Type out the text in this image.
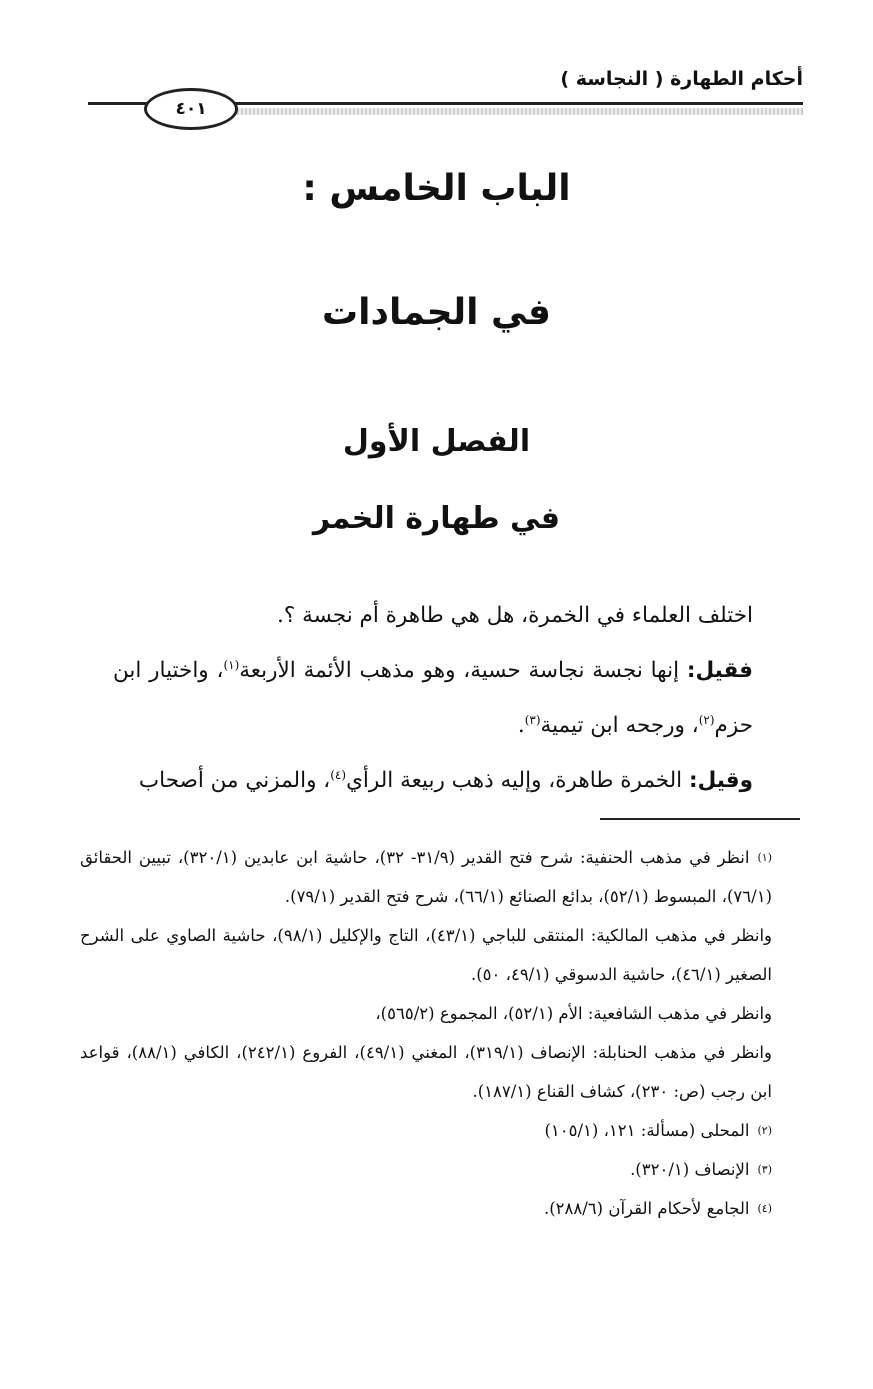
أحكام الطهارة ( النجاسة )
٤٠١
الباب الخامس :
في الجمادات
الفصل الأول
في طهارة الخمر

اختلف العلماء في الخمرة، هل هي طاهرة أم نجسة ؟.

فقيل: إنها نجسة نجاسة حسية، وهو مذهب الأئمة الأربعة$^{(١)}$، واختيار ابن حزم$^{(٢)}$، ورجحه ابن تيمية$^{(٣)}$.

وقيل: الخمرة طاهرة، وإليه ذهب ربيعة الرأي$^{(٤)}$، والمزني من أصحاب

$^{(١)}$انظر في مذهب الحنفية: شرح فتح القدير (٣١/٩- ٣٢)، حاشية ابن عابدين (٣٢٠/١)، تبيين الحقائق (٧٦/١)، المبسوط (٥٢/١)، بدائع الصنائع (٦٦/١)، شرح فتح القدير (٧٩/١).

وانظر في مذهب المالكية: المنتقى للباجي (٤٣/١)، التاج والإكليل (٩٨/١)، حاشية الصاوي على الشرح الصغير (٤٦/١)، حاشية الدسوقي (٤٩/١، ٥٠).

وانظر في مذهب الشافعية: الأم (٥٢/١)، المجموع (٥٦٥/٢)،

وانظر في مذهب الحنابلة: الإنصاف (٣١٩/١)، المغني (٤٩/١)، الفروع (٢٤٢/١)، الكافي (٨٨/١)، قواعد ابن رجب (ص: ٢٣٠)، كشاف القناع (١٨٧/١).

$^{(٢)}$المحلى (مسألة: ١٢١، (١٠٥/١)

$^{(٣)}$الإنصاف (٣٢٠/١).

$^{(٤)}$الجامع لأحكام القرآن (٢٨٨/٦).
